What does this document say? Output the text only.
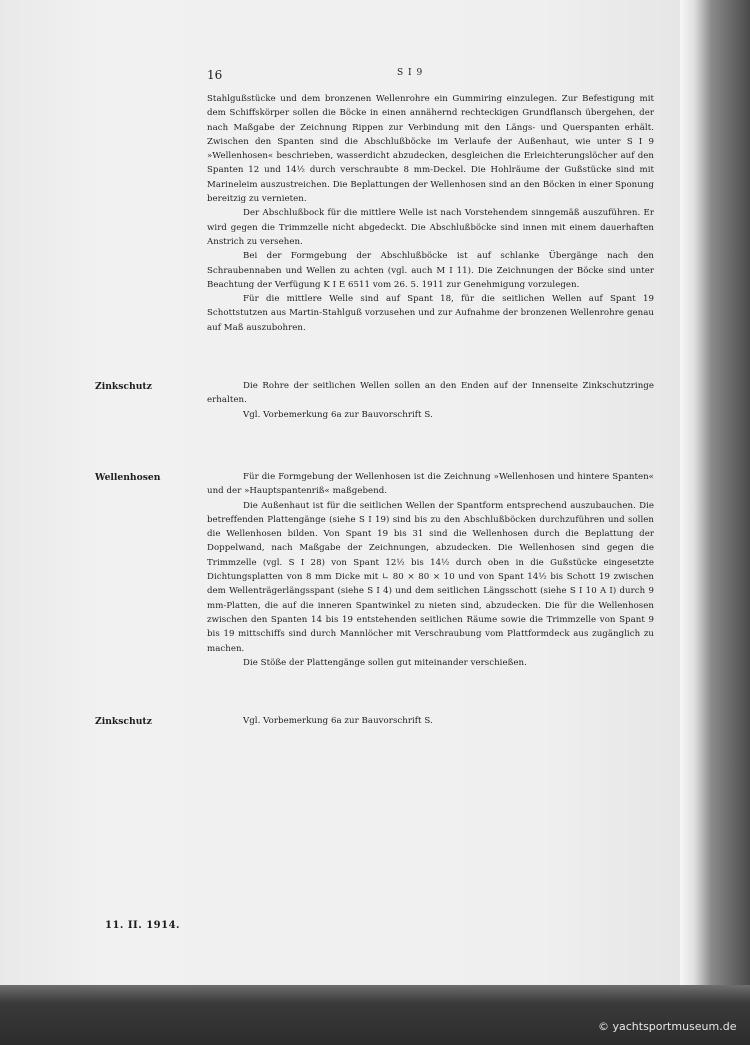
16	S I 9

Stahlgußstücke und dem bronzenen Wellenrohre ein Gummiring einzulegen. Zur Befestigung mit dem Schiffskörper sollen die Böcke in einen annähernd rechteckigen Grundflansch übergehen, der nach Maßgabe der Zeichnung Rippen zur Verbindung mit den Längs- und Querspanten erhält. Zwischen den Spanten sind die Abschlußböcke im Verlaufe der Außenhaut, wie unter S I 9 »Wellenhosen« beschrieben, wasserdicht abzudecken, desgleichen die Erleichterungslöcher auf den Spanten 12 und 14½ durch verschraubte 8 mm-Deckel. Die Hohlräume der Gußstücke sind mit Marineleim auszustreichen. Die Beplattungen der Wellenhosen sind an den Böcken in einer Sponung bereitzig zu vernieten.

Der Abschlußbock für die mittlere Welle ist nach Vorstehendem sinngemäß auszuführen. Er wird gegen die Trimmzelle nicht abgedeckt. Die Abschlußböcke sind innen mit einem dauerhaften Anstrich zu versehen.

Bei der Formgebung der Abschlußböcke ist auf schlanke Übergänge nach den Schraubennaben und Wellen zu achten (vgl. auch M I 11). Die Zeichnungen der Böcke sind unter Beachtung der Verfügung K I E 6511 vom 26. 5. 1911 zur Genehmigung vorzulegen.

Für die mittlere Welle sind auf Spant 18, für die seitlichen Wellen auf Spant 19 Schottstutzen aus Martin-Stahlguß vorzusehen und zur Aufnahme der bronzenen Wellenrohre genau auf Maß auszubohren.

Zinkschutz	Die Rohre der seitlichen Wellen sollen an den Enden auf der Innenseite Zinkschutzringe erhalten.

Vgl. Vorbemerkung 6a zur Bauvorschrift S.

Wellenhosen	Für die Formgebung der Wellenhosen ist die Zeichnung »Wellenhosen und hintere Spanten« und der »Hauptspantenriß« maßgebend.

Die Außenhaut ist für die seitlichen Wellen der Spantform entsprechend auszubauchen. Die betreffenden Plattengänge (siehe S I 19) sind bis zu den Abschlußböcken durchzuführen und sollen die Wellenhosen bilden. Von Spant 19 bis 31 sind die Wellenhosen durch die Beplattung der Doppelwand, nach Maßgabe der Zeichnungen, abzudecken. Die Wellenhosen sind gegen die Trimmzelle (vgl. S I 28) von Spant 12½ bis 14½ durch oben in die Gußstücke eingesetzte Dichtungsplatten von 8 mm Dicke mit ∟ 80 × 80 × 10 und von Spant 14½ bis Schott 19 zwischen dem Wellenträgerlängsspant (siehe S I 4) und dem seitlichen Längsschott (siehe S I 10 A I) durch 9 mm-Platten, die auf die inneren Spantwinkel zu nieten sind, abzudecken. Die für die Wellenhosen zwischen den Spanten 14 bis 19 entstehenden seitlichen Räume sowie die Trimmzelle von Spant 9 bis 19 mittschiffs sind durch Mannlöcher mit Verschraubung vom Plattformdeck aus zugänglich zu machen.

Die Stöße der Plattengänge sollen gut miteinander verschießen.

Zinkschutz	Vgl. Vorbemerkung 6a zur Bauvorschrift S.

11. II. 1914.
© yachtsportmuseum.de
